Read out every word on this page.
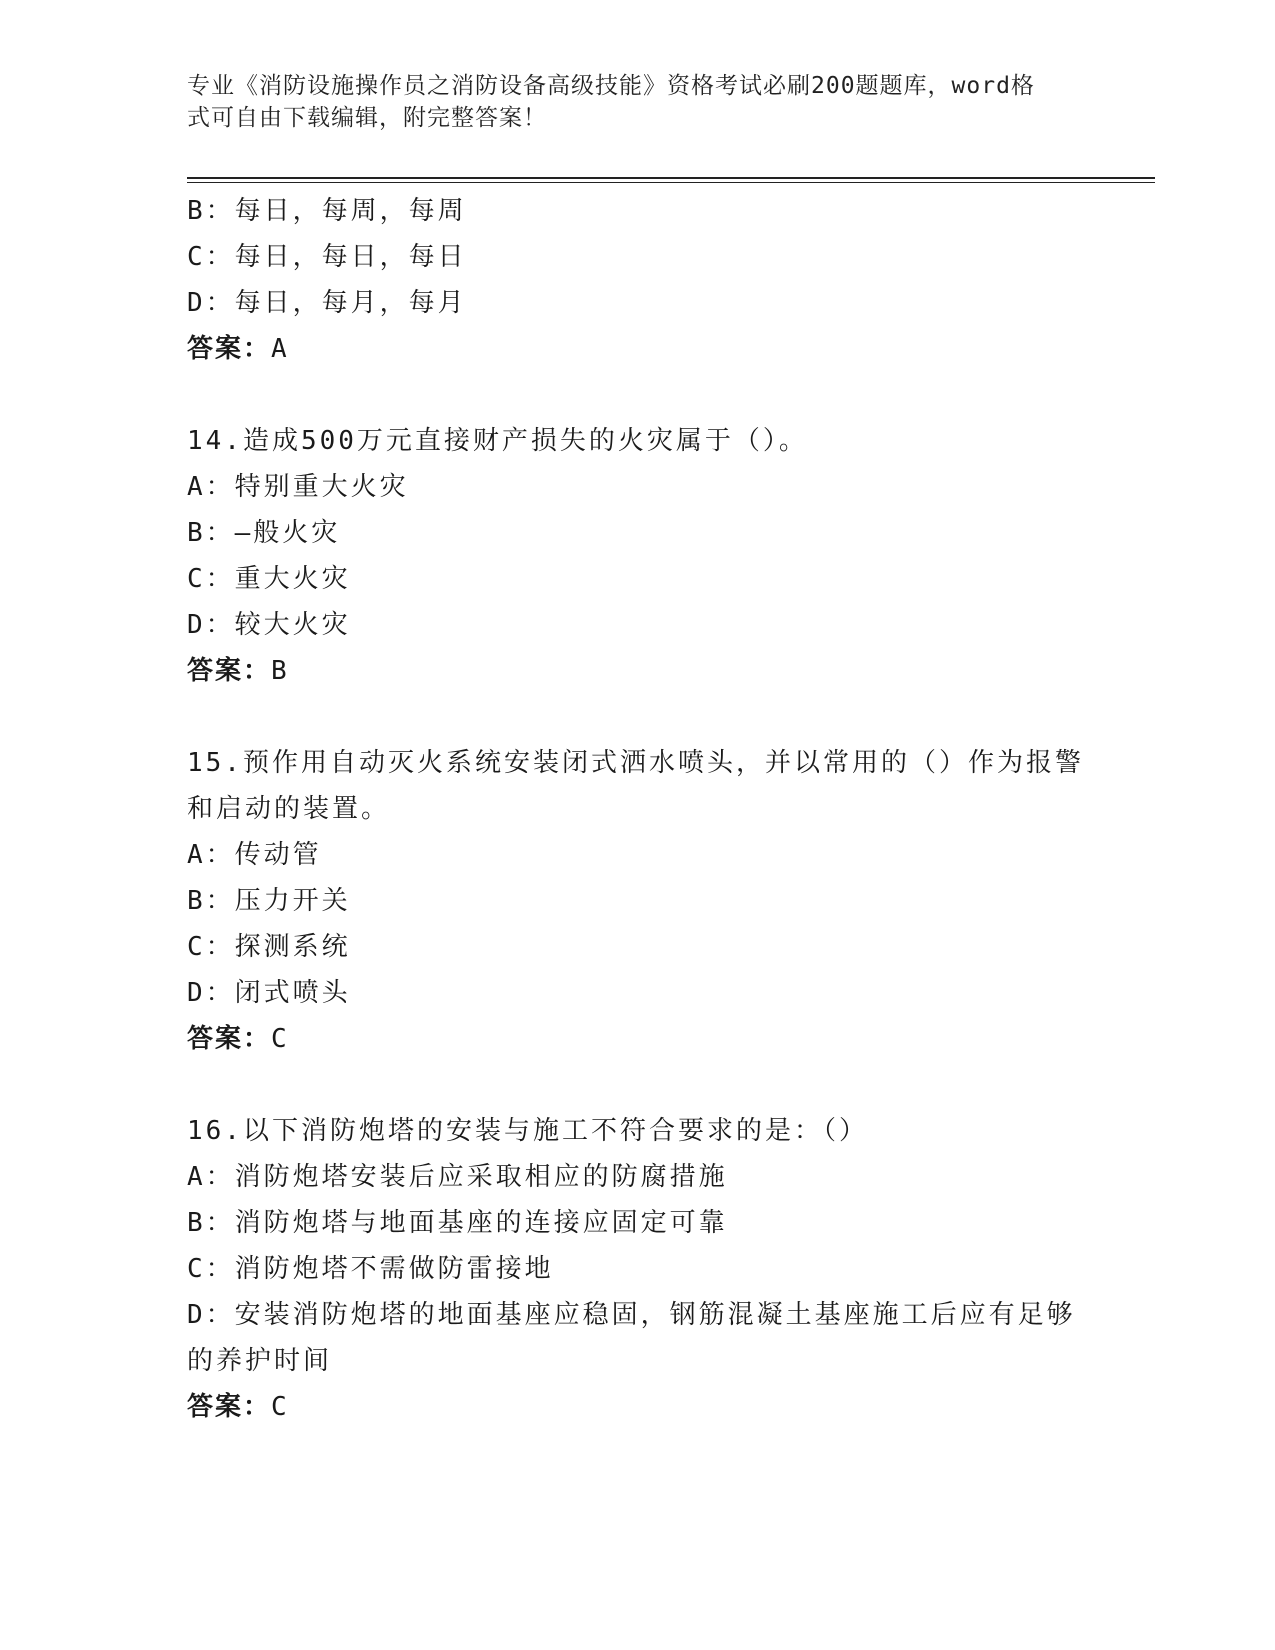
专业《消防设施操作员之消防设备高级技能》资格考试必刷200题题库，word格
式可自由下载编辑，附完整答案！
B：每日，每周，每周
C：每日，每日，每日
D：每日，每月，每月
答案：A
14.造成500万元直接财产损失的火灾属于（）。
A：特别重大火灾
B：—般火灾
C：重大火灾
D：较大火灾
答案：B
15.预作用自动灭火系统安装闭式洒水喷头，并以常用的（）作为报警
和启动的装置。
A：传动管
B：压力开关
C：探测系统
D：闭式喷头
答案：C
16.以下消防炮塔的安装与施工不符合要求的是：（）
A：消防炮塔安装后应采取相应的防腐措施
B：消防炮塔与地面基座的连接应固定可靠
C：消防炮塔不需做防雷接地
D：安装消防炮塔的地面基座应稳固，钢筋混凝土基座施工后应有足够
的养护时间
答案：C
